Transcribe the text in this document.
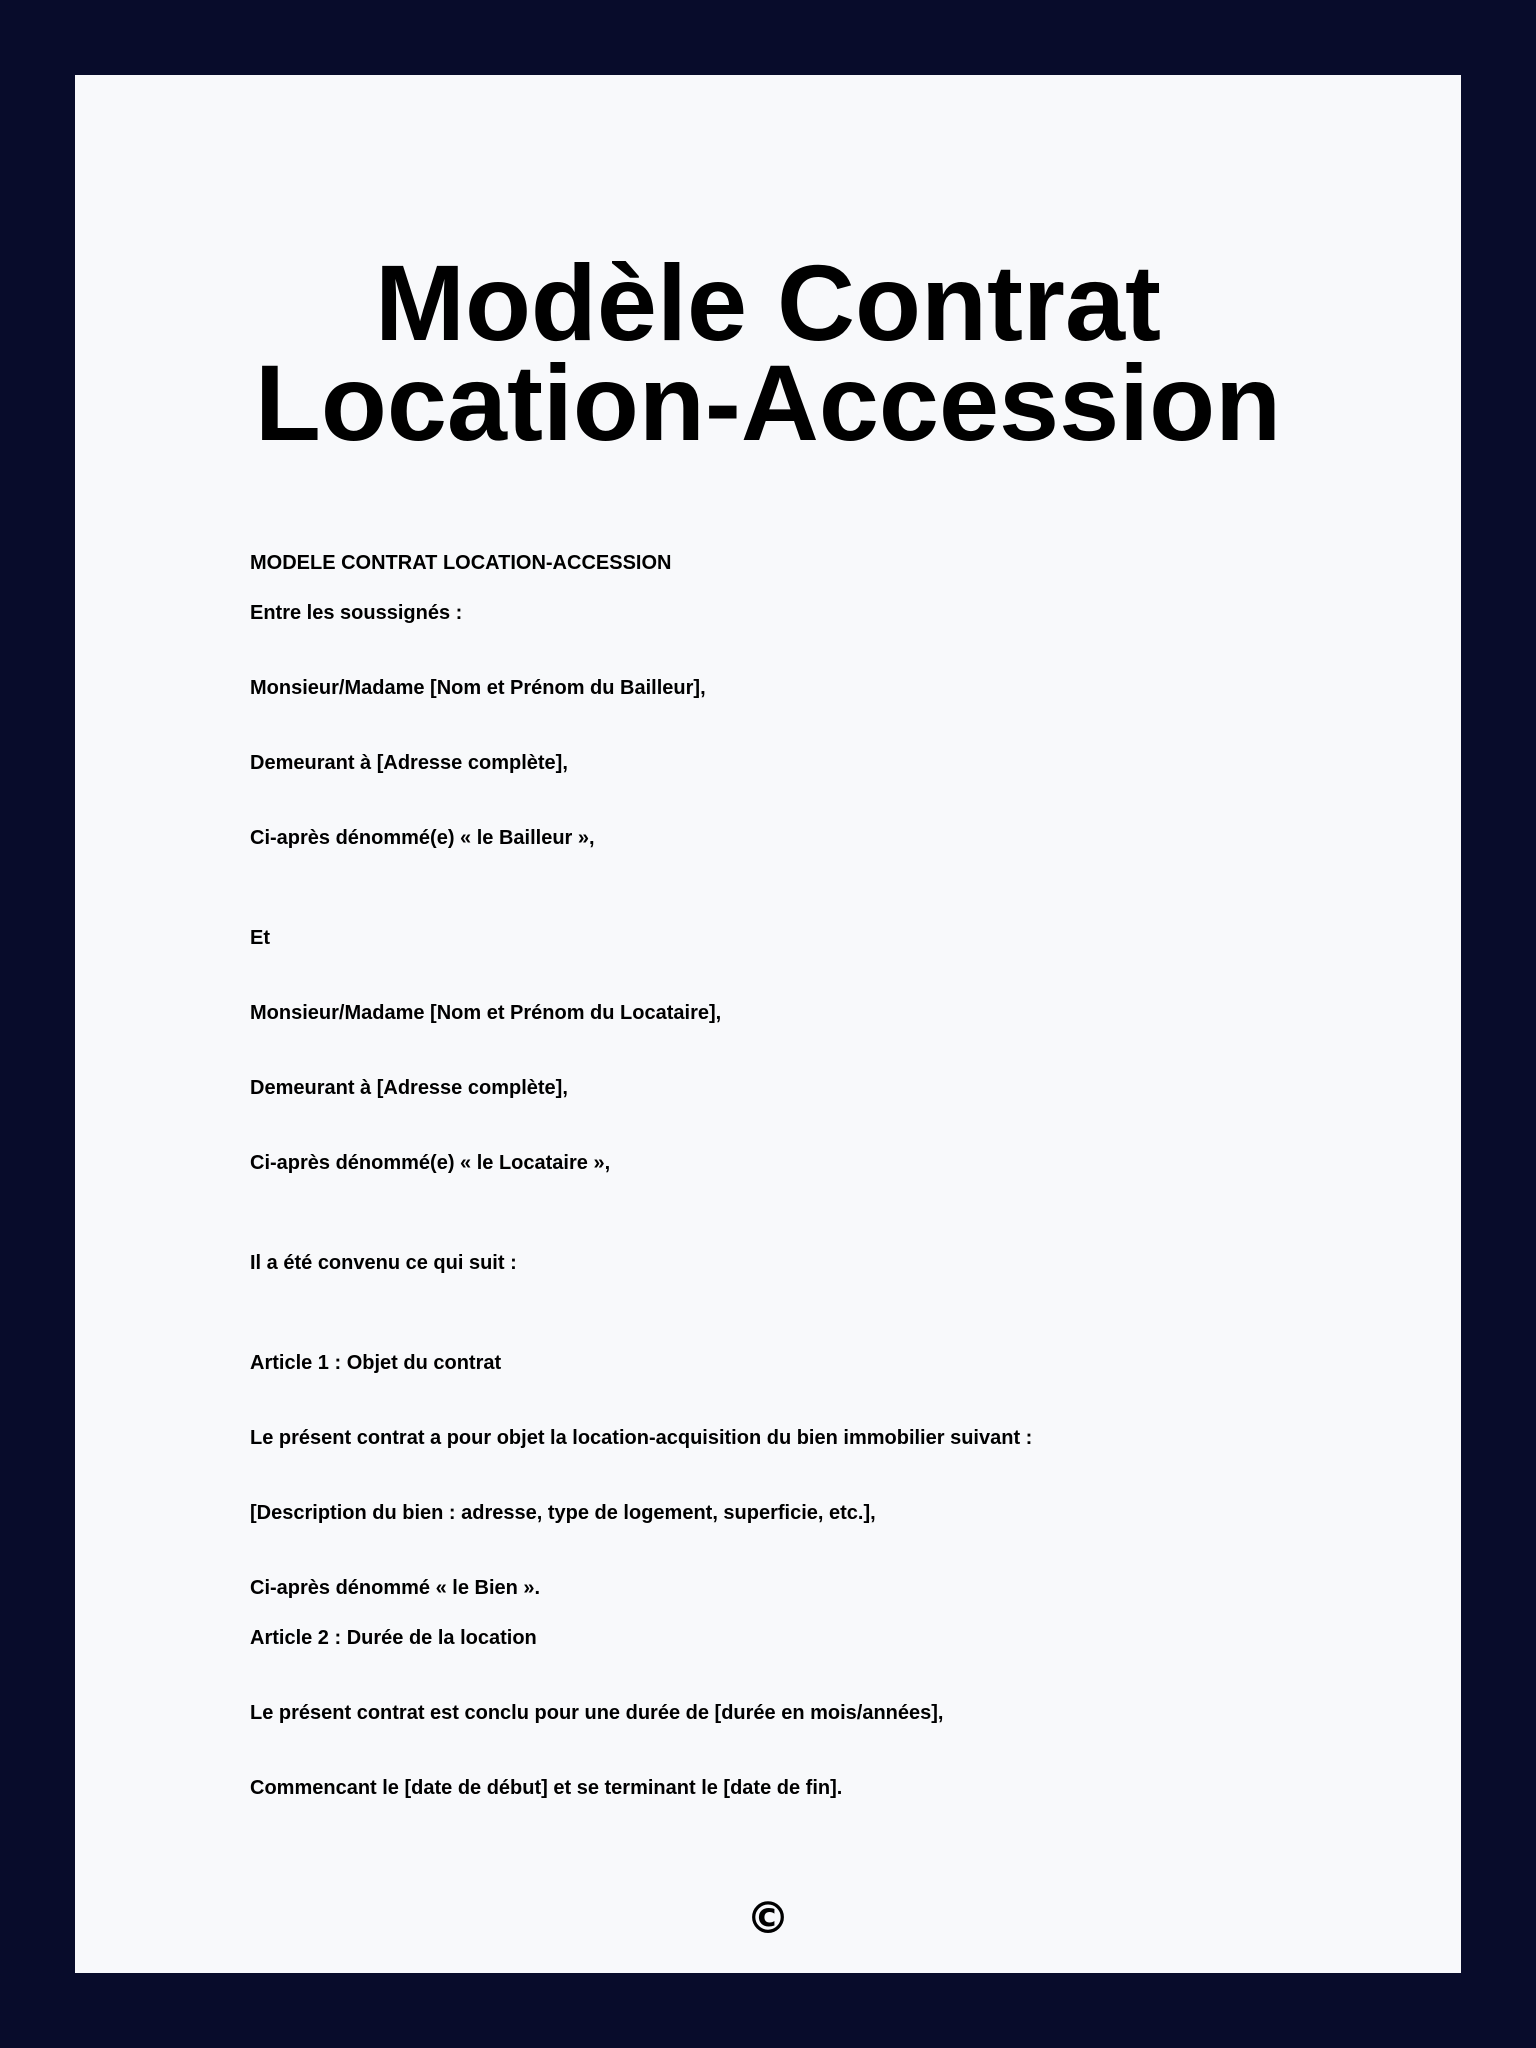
Modèle Contrat
Location-Accession

MODELE CONTRAT LOCATION-ACCESSION

Entre les soussignés :

Monsieur/Madame [Nom et Prénom du Bailleur],

Demeurant à [Adresse complète],

Ci-après dénommé(e) « le Bailleur »,

Et

Monsieur/Madame [Nom et Prénom du Locataire],

Demeurant à [Adresse complète],

Ci-après dénommé(e) « le Locataire »,

Il a été convenu ce qui suit :

Article 1 : Objet du contrat

Le présent contrat a pour objet la location-acquisition du bien immobilier suivant :

[Description du bien : adresse, type de logement, superficie, etc.],

Ci-après dénommé « le Bien ».

Article 2 : Durée de la location

Le présent contrat est conclu pour une durée de [durée en mois/années],

Commencant le [date de début] et se terminant le [date de fin].

©
